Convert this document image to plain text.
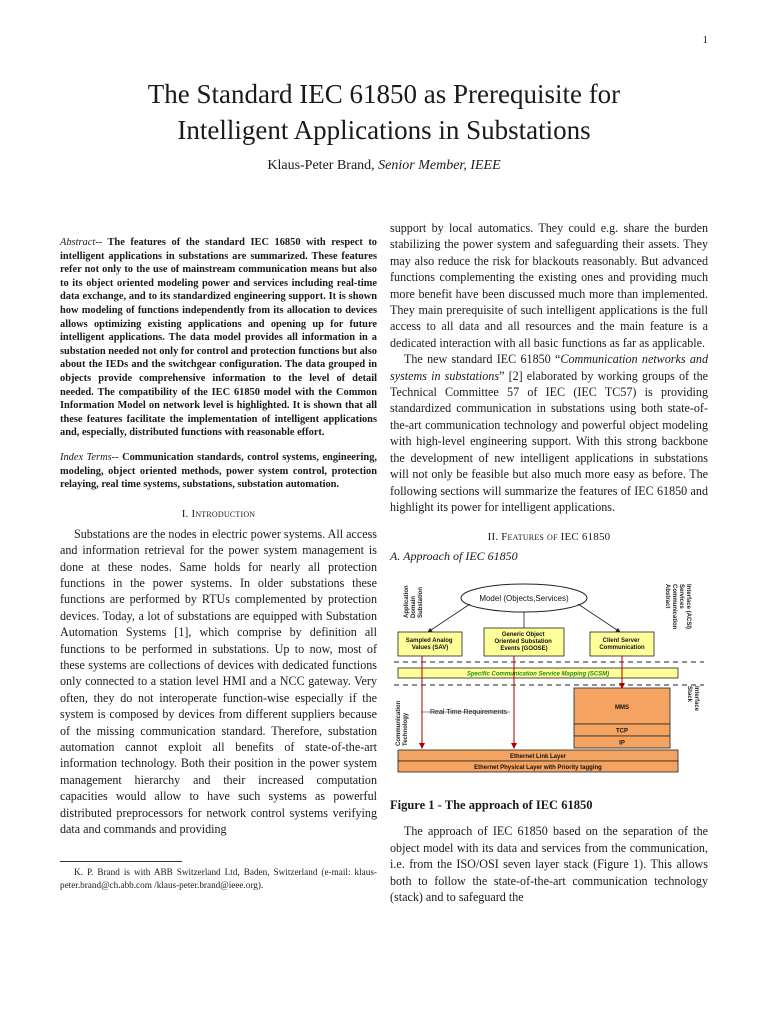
1
The Standard IEC 61850 as Prerequisite for
Intelligent Applications in Substations
Klaus-Peter Brand, Senior Member, IEEE

Abstract-- The features of the standard IEC 16850 with respect to intelligent applications in substations are summarized. These features refer not only to the use of mainstream communication means but also to its object oriented modeling power and services including real-time data exchange, and to its standardized engineering support. It is shown how modeling of functions independently from its allocation to devices allows optimizing existing applications and opening up for future intelligent applications. The data model provides all information in a substation needed not only for control and protection functions but also about the IEDs and the switchgear configuration. The data grouped in objects provide comprehensive information to the level of detail needed. The compatibility of the IEC 61850 model with the Common Information Model on network level is highlighted. It is shown that all these features facilitate the implementation of intelligent applications and, especially, distributed functions with reasonable effort.

Index Terms-- Communication standards, control systems, engineering, modeling, object oriented methods, power system control, protection relaying, real time systems, substations, substation automation.

I. Introduction

Substations are the nodes in electric power systems. All access and information retrieval for the power system management is done at these nodes. Same holds for nearly all protection functions in the power systems. In older substations these functions are performed by RTUs complemented by protection devices. Today, a lot of substations are equipped with Substation Automation Systems [1], which comprise by definition all functions to be performed in substations. Up to now, most of these systems are collections of devices with dedicated functions only connected to a station level HMI and a NCC gateway. Very often, they do not interoperate function-wise especially if the system is composed by devices from different suppliers because of the missing communication standard. Therefore, substation automation cannot exploit all benefits of state-of-the-art information technology. Both their position in the power system management hierarchy and their increased computation capacities would allow to have such systems as powerful distributed preprocessors for network control systems verifying data and commands and providing

K. P. Brand is with ABB Switzerland Ltd, Baden, Switzerland (e-mail: klaus-peter.brand@ch.abb.com /klaus-peter.brand@ieee.org).

support by local automatics. They could e.g. share the burden stabilizing the power system and safeguarding their assets. They may also reduce the risk for blackouts reasonably. But advanced functions complementing the existing ones and providing much more benefit have been discussed much more than implemented. They main prerequisite of such intelligent applications is the full access to all data and all resources and the main feature is a dedicated interaction with all basic functions as far as applicable.

The new standard IEC 61850 “Communication networks and systems in substations” [2] elaborated by working groups of the Technical Committee 57 of IEC (IEC TC57) is providing standardized communication in substations using both state-of-the-art communication technology and powerful object modeling with high-level engineering support. With this strong backbone the development of new intelligent applications in substations will not only be feasible but also much more easy as before. The following sections will summarize the features of IEC 61850 and highlight its power for intelligent applications.

II. Features of IEC 61850
A. Approach of IEC 61850
Application Domain Substation	Abstract Communication Services Interface (ACSI)
Model (Objects,Services)
Sampled Analog Values (SAV)
Generic Object Oriented Substation Events (GOOSE)
Client Server Communication
Specific Communication Service Mapping (SCSM)
Stack Interface
Communication Technology
Real Time Requirements
MMS
TCP
IP
Ethernet Link Layer
Ethernet Physical Layer with Priority tagging
Figure 1 - The approach of IEC 61850

The approach of IEC 61850 based on the separation of the object model with its data and services from the communication, i.e. from the ISO/OSI seven layer stack (Figure 1). This allows both to follow the state-of-the-art communication technology (stack) and to safeguard the
